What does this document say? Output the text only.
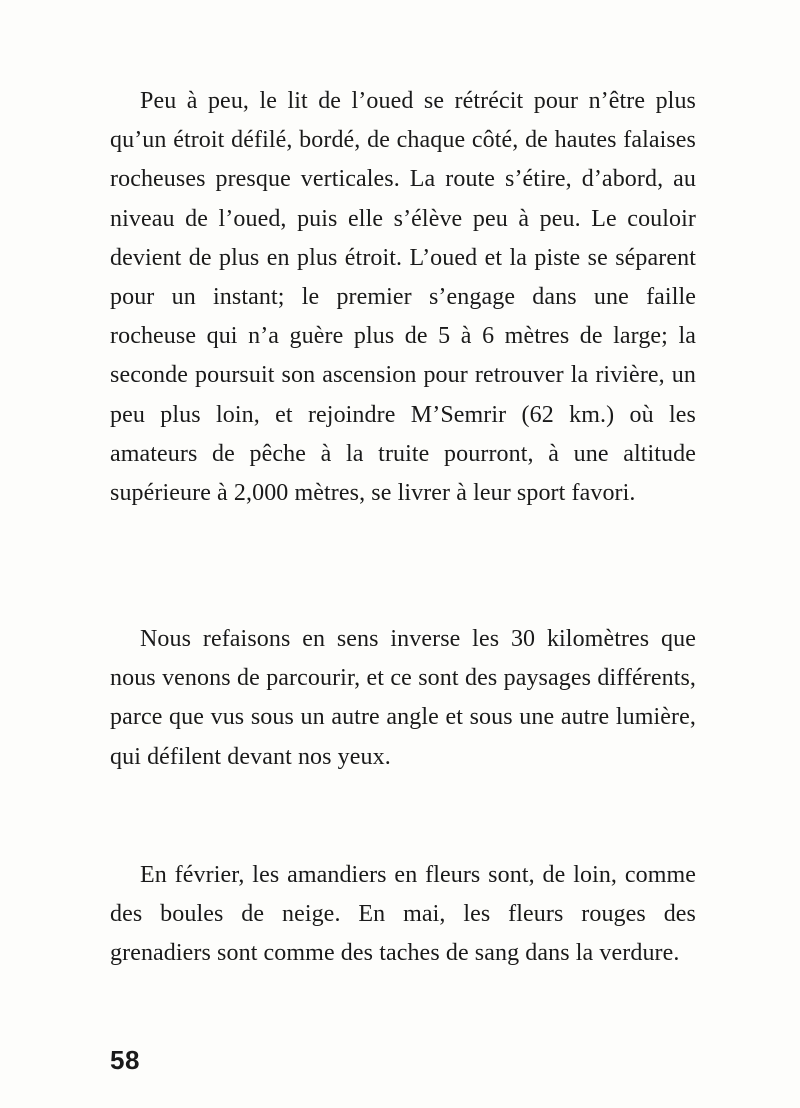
Peu à peu, le lit de l’oued se rétrécit pour n’être plus qu’un étroit défilé, bordé, de chaque côté, de hautes falaises rocheuses presque verticales. La route s’étire, d’abord, au niveau de l’oued, puis elle s’élève peu à peu. Le couloir devient de plus en plus étroit. L’oued et la piste se séparent pour un instant; le premier s’engage dans une faille rocheuse qui n’a guère plus de 5 à 6 mètres de large; la seconde poursuit son ascension pour retrouver la rivière, un peu plus loin, et rejoindre M’Semrir (62 km.) où les amateurs de pêche à la truite pourront, à une altitude supérieure à 2,000 mètres, se livrer à leur sport favori.

Nous refaisons en sens inverse les 30 kilomètres que nous venons de parcourir, et ce sont des paysages différents, parce que vus sous un autre angle et sous une autre lumière, qui défilent devant nos yeux.

En février, les amandiers en fleurs sont, de loin, comme des boules de neige. En mai, les fleurs rouges des grenadiers sont comme des taches de sang dans la verdure.

58
